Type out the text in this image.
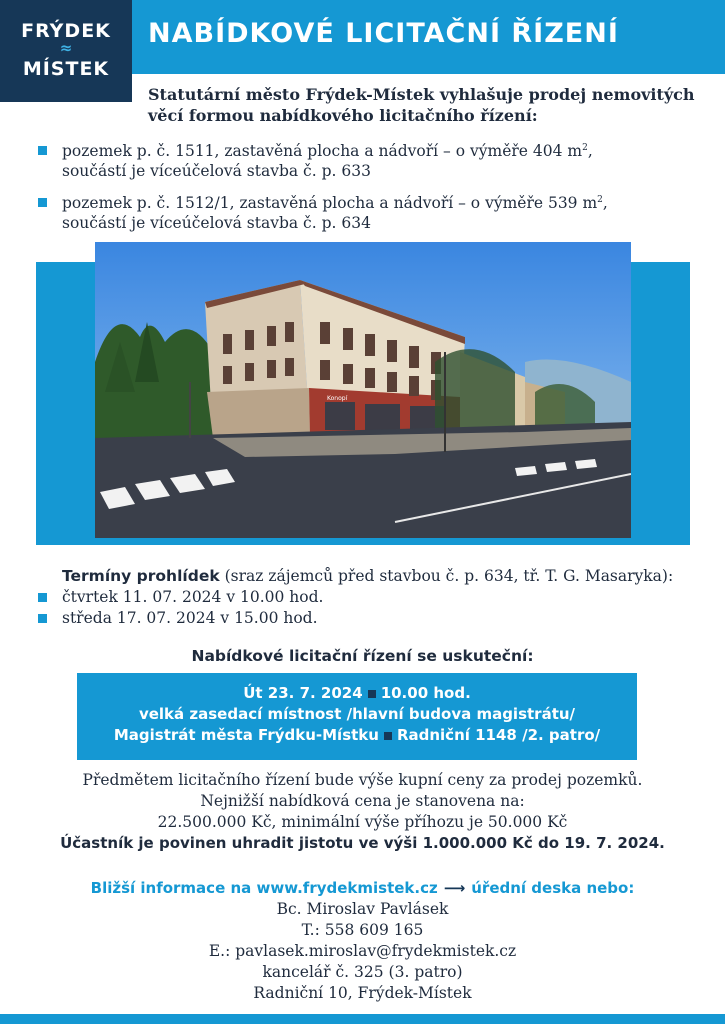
FRÝDEK
≈
MÍSTEK
NABÍDKOVÉ LICITAČNÍ ŘÍZENÍ
Statutární město Frýdek-Místek vyhlašuje prodej nemovitých věcí formou nabídkového licitačního řízení:
pozemek p. č. 1511, zastavěná plocha a nádvoří – o výměře 404 $m^2$,
součástí je víceúčelová stavba č. p. 633
pozemek p. č. 1512/1, zastavěná plocha a nádvoří – o výměře 539 $m^2$,
součástí je víceúčelová stavba č. p. 634
Konopí
Termíny prohlídek (sraz zájemců před stavbou č. p. 634, tř. T. G. Masaryka):
čtvrtek 11. 07. 2024 v 10.00 hod.
středa 17. 07. 2024 v 15.00 hod.
Nabídkové licitační řízení se uskuteční:
Út 23. 7. 2024 10.00 hod.
velká zasedací místnost /hlavní budova magistrátu/
Magistrát města Frýdku-Místku Radniční 1148 /2. patro/
Předmětem licitačního řízení bude výše kupní ceny za prodej pozemků.
Nejnižší nabídková cena je stanovena na:
22.500.000 Kč, minimální výše příhozu je 50.000 Kč
Účastník je povinen uhradit jistotu ve výši 1.000.000 Kč do 19. 7. 2024.
Bližší informace na www.frydekmistek.cz ⟶ úřední deska nebo:
Bc. Miroslav Pavlásek
T.: 558 609 165
E.: pavlasek.miroslav@frydekmistek.cz
kancelář č. 325 (3. patro)
Radniční 10, Frýdek-Místek
